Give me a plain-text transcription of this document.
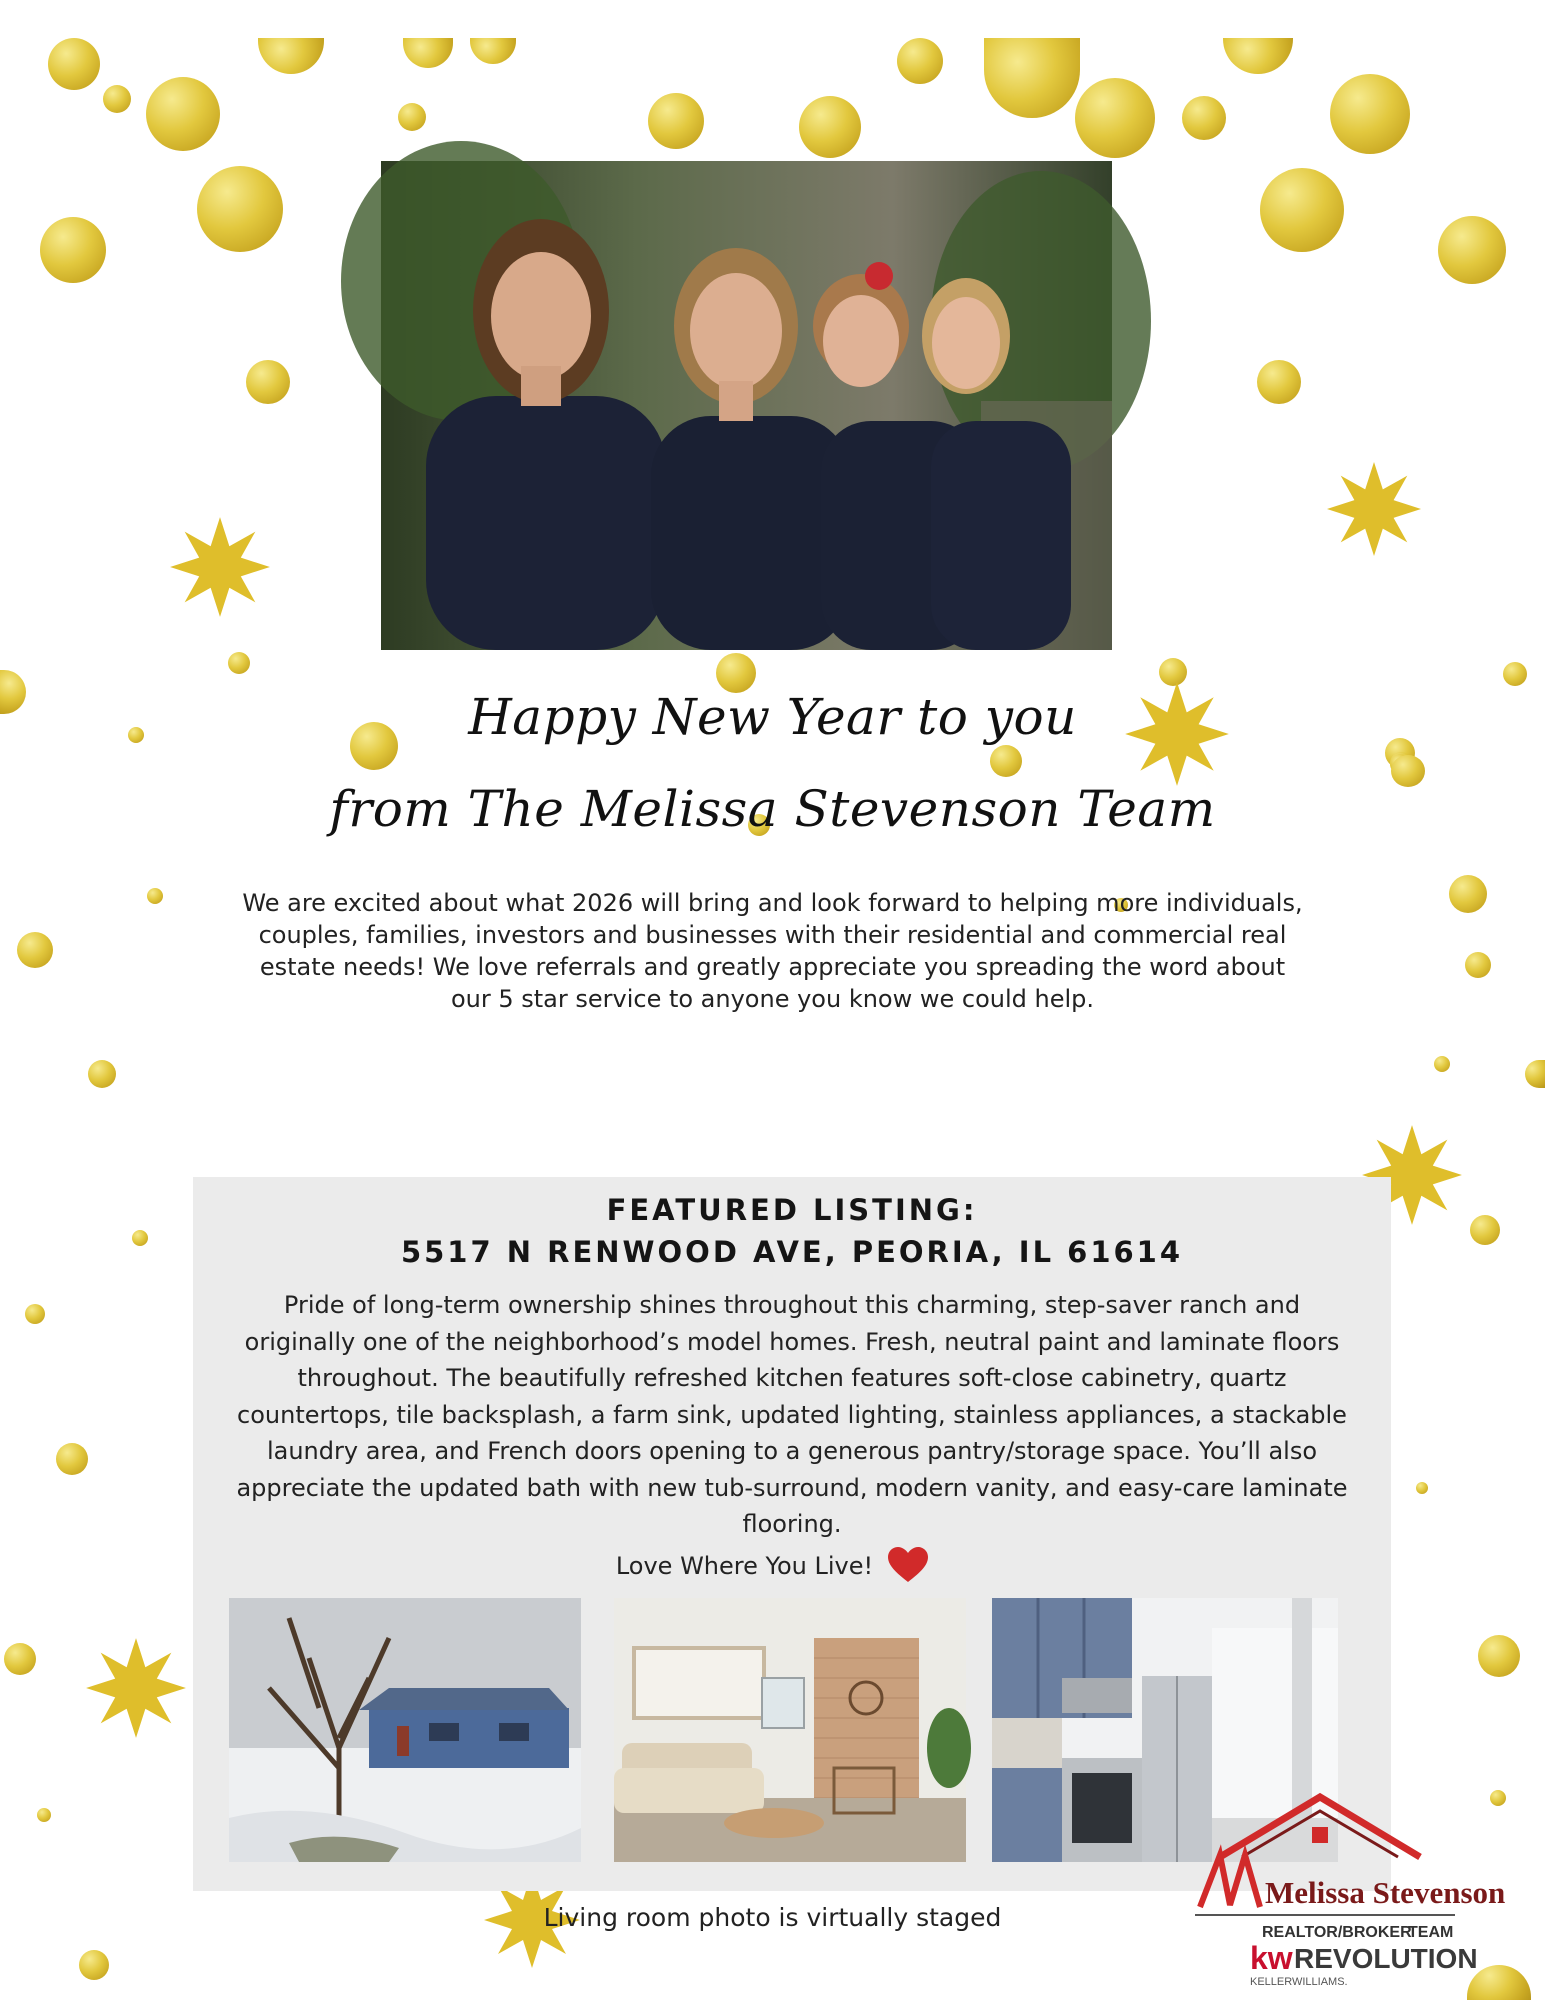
Happy New Year to you
from The Melissa Stevenson Team
We are excited about what 2026 will bring and look forward to helping more individuals, couples, families, investors and businesses with their residential and commercial real estate needs! We love referrals and greatly appreciate you spreading the word about our 5 star service to anyone you know we could help.
FEATURED LISTING:
5517 N RENWOOD AVE, PEORIA, IL 61614
Pride of long-term ownership shines throughout this charming, step-saver ranch and originally one of the neighborhood’s model homes. Fresh, neutral paint and laminate floors throughout. The beautifully refreshed kitchen features soft-close cabinetry, quartz countertops, tile backsplash, a farm sink, updated lighting, stainless appliances, a stackable laundry area, and French doors opening to a generous pantry/storage space. You’ll also appreciate the updated bath with new tub-surround, modern vanity, and easy-care laminate flooring.
Love Where You Live!
Living room photo is virtually staged
Melissa Stevenson
REALTOR/BROKER
TEAM
kw REVOLUTION
KELLERWILLIAMS.
